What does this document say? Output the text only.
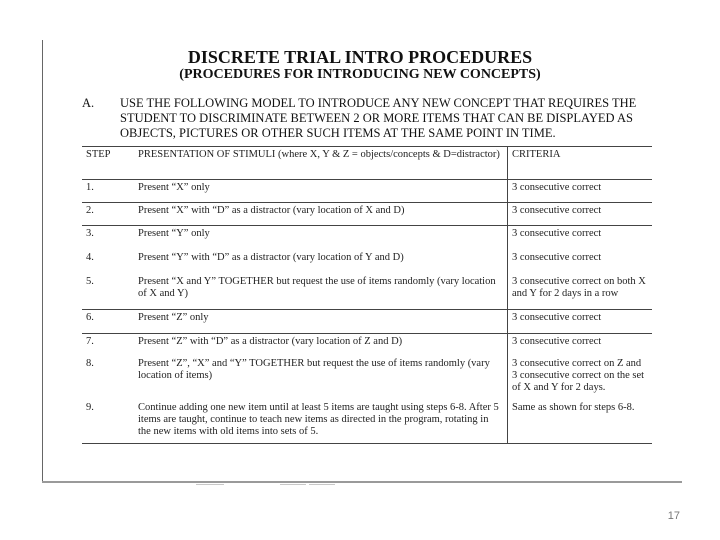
DISCRETE TRIAL INTRO PROCEDURES
(PROCEDURES FOR INTRODUCING NEW CONCEPTS)
A. USE THE FOLLOWING MODEL TO INTRODUCE ANY NEW CONCEPT THAT REQUIRES THE STUDENT TO DISCRIMINATE BETWEEN 2 OR MORE ITEMS THAT CAN BE DISPLAYED AS OBJECTS, PICTURES OR OTHER SUCH ITEMS AT THE SAME POINT IN TIME.
STEP	PRESENTATION OF STIMULI (where X, Y & Z = objects/concepts & D=distractor)	CRITERIA
1.	Present “X” only	3 consecutive correct
2.	Present “X” with “D” as a distractor (vary location of X and D)	3 consecutive correct
3.	Present “Y” only	3 consecutive correct
4.	Present “Y” with “D” as a distractor (vary location of Y and D)	3 consecutive correct
5.	Present “X and Y” TOGETHER but request the use of items randomly (vary location of X and Y)	3 consecutive correct on both X and Y for 2 days in a row
6.	Present “Z” only	3 consecutive correct
7.	Present “Z” with “D” as a distractor (vary location of Z and D)	3 consecutive correct
8.	Present “Z”, “X” and “Y” TOGETHER but request the use of items randomly (vary location of items)	3 consecutive correct on Z and 3 consecutive correct on the set of X and Y for 2 days.
9.	Continue adding one new item until at least 5 items are taught using steps 6-8. After 5 items are taught, continue to teach new items as directed in the program, rotating in the new items with old items into sets of 5.	Same as shown for steps 6-8.
17
